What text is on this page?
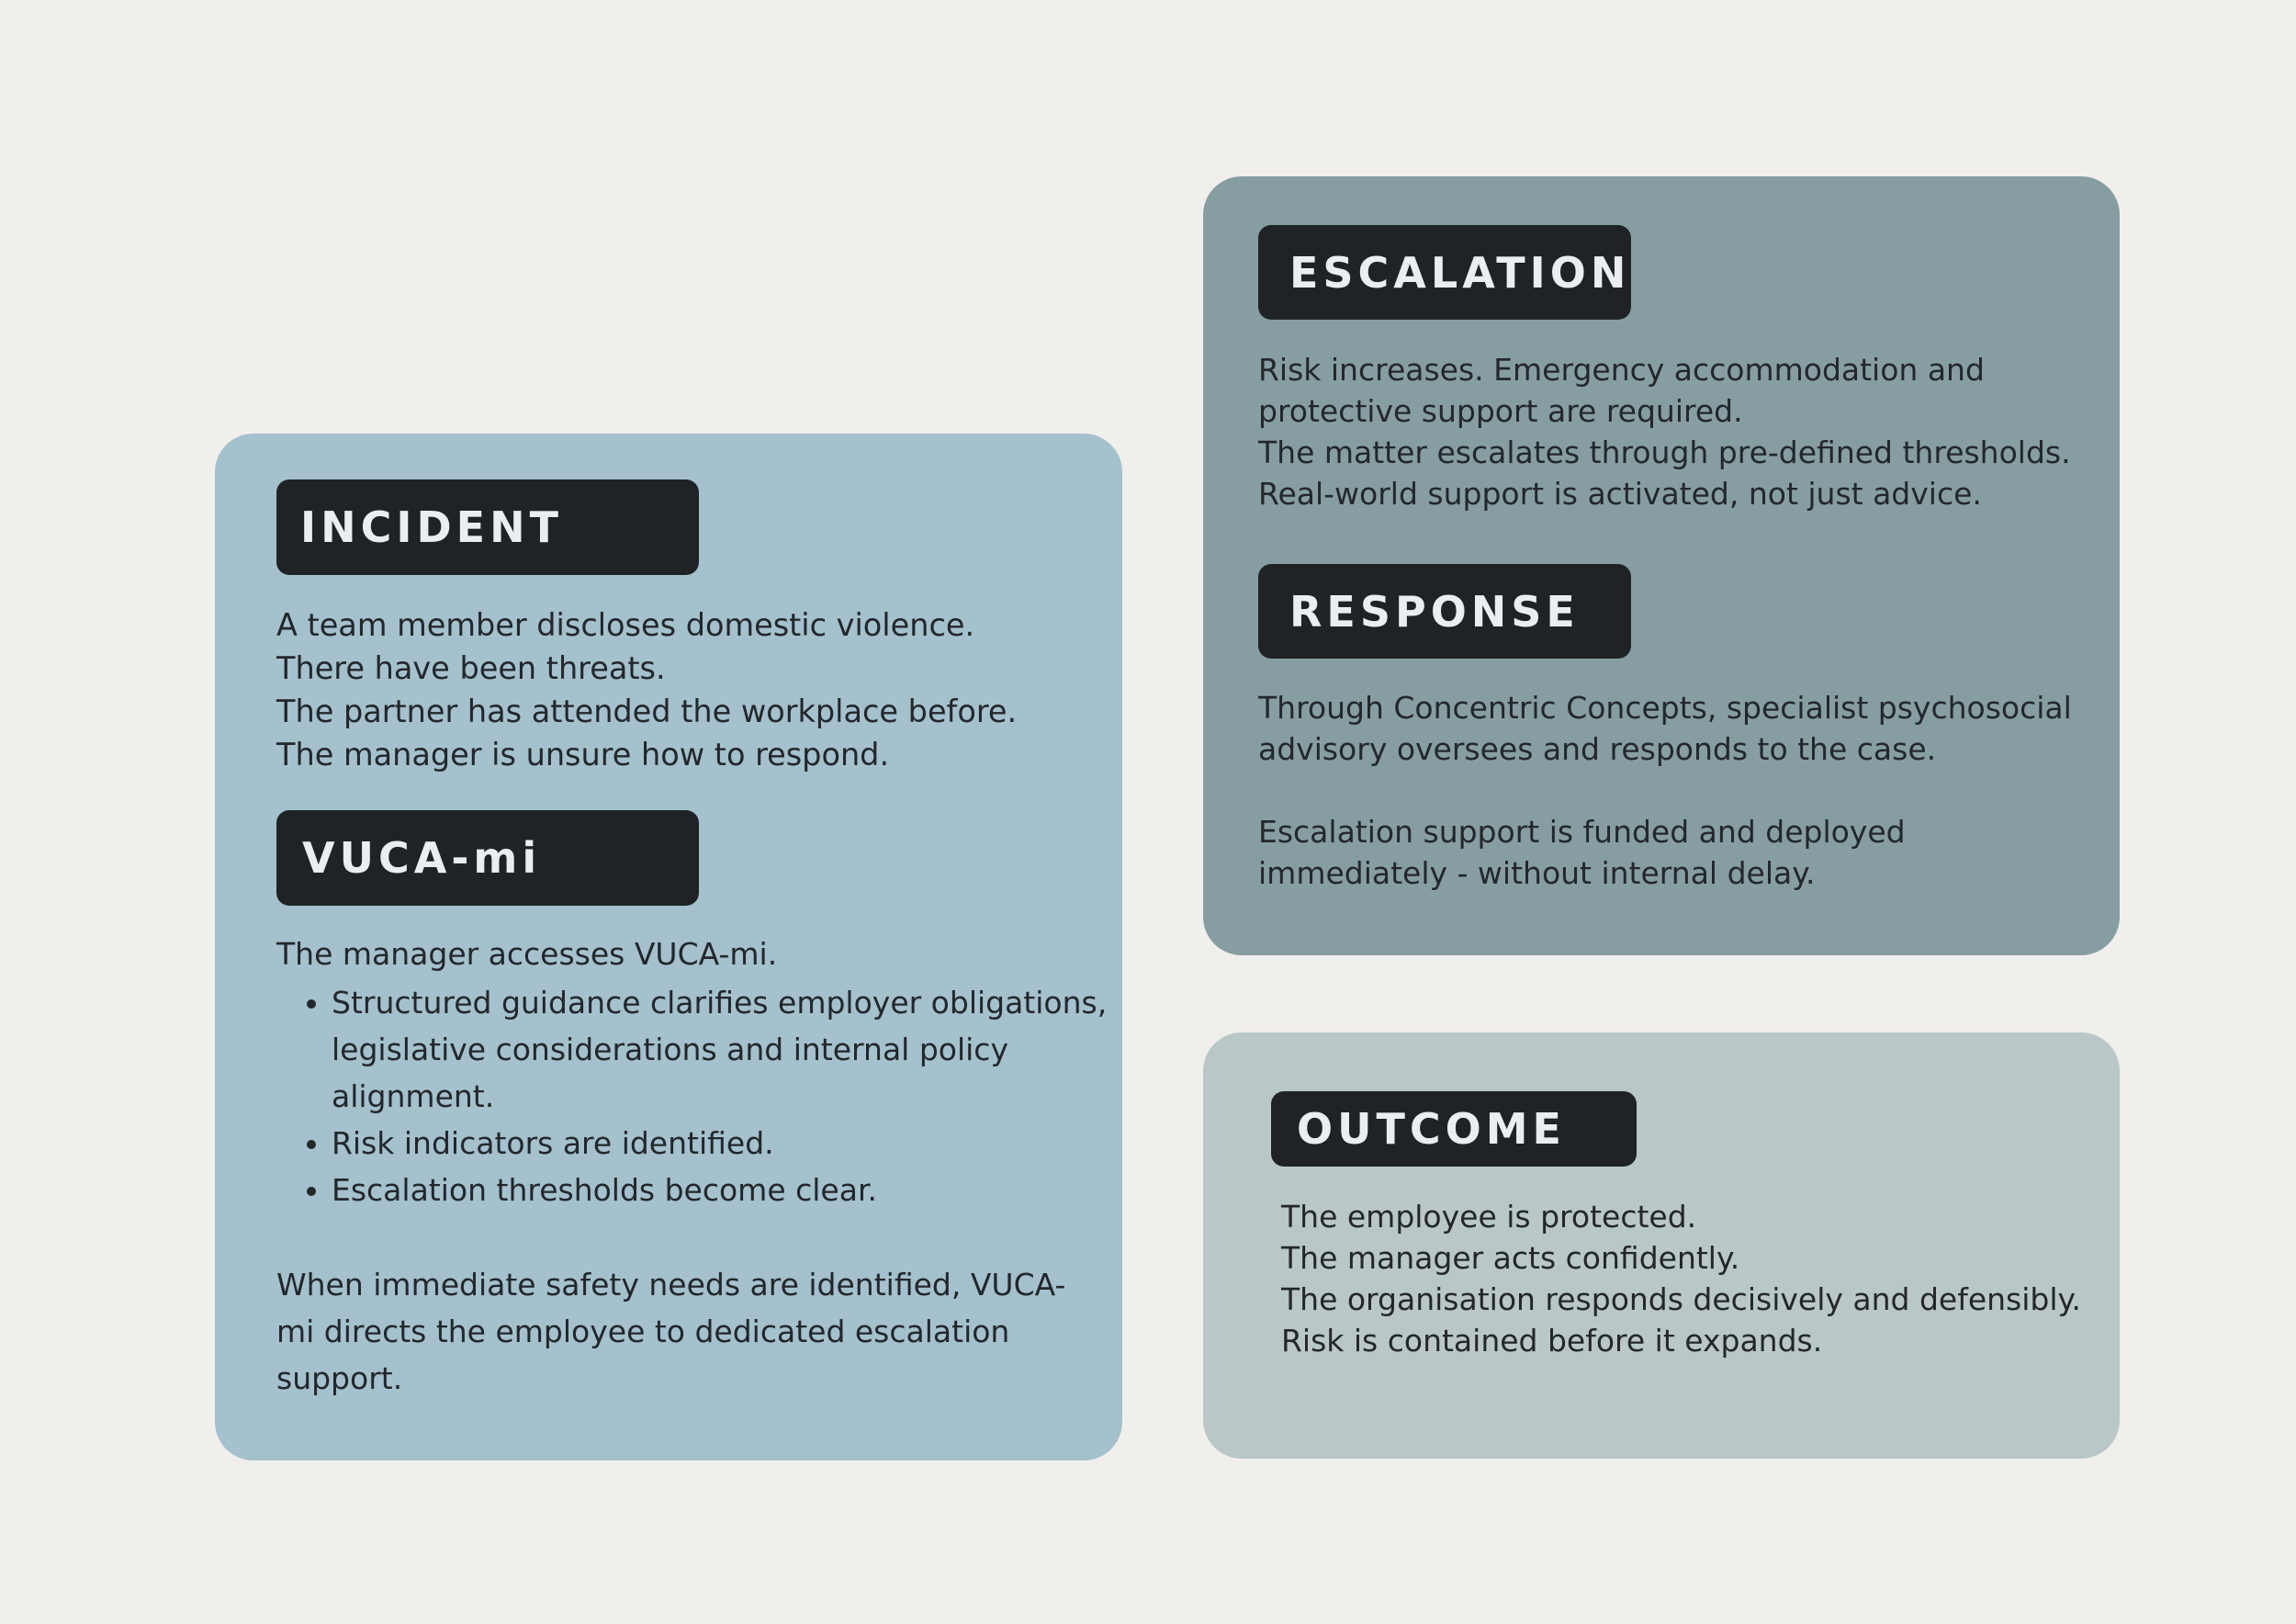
INCIDENT

A team member discloses domestic violence.
There have been threats.
The partner has attended the workplace before.
The manager is unsure how to respond.

VUCA-mi

The manager accesses VUCA-mi.

• Structured guidance clarifies employer obligations, legislative considerations and internal policy alignment.
• Risk indicators are identified.
• Escalation thresholds become clear.

When immediate safety needs are identified, VUCA-mi directs the employee to dedicated escalation support.

ESCALATION

Risk increases. Emergency accommodation and
protective support are required.
The matter escalates through pre-defined thresholds.
Real-world support is activated, not just advice.

RESPONSE

Through Concentric Concepts, specialist psychosocial
advisory oversees and responds to the case.

Escalation support is funded and deployed
immediately - without internal delay.

OUTCOME

The employee is protected.
The manager acts confidently.
The organisation responds decisively and defensibly.
Risk is contained before it expands.
